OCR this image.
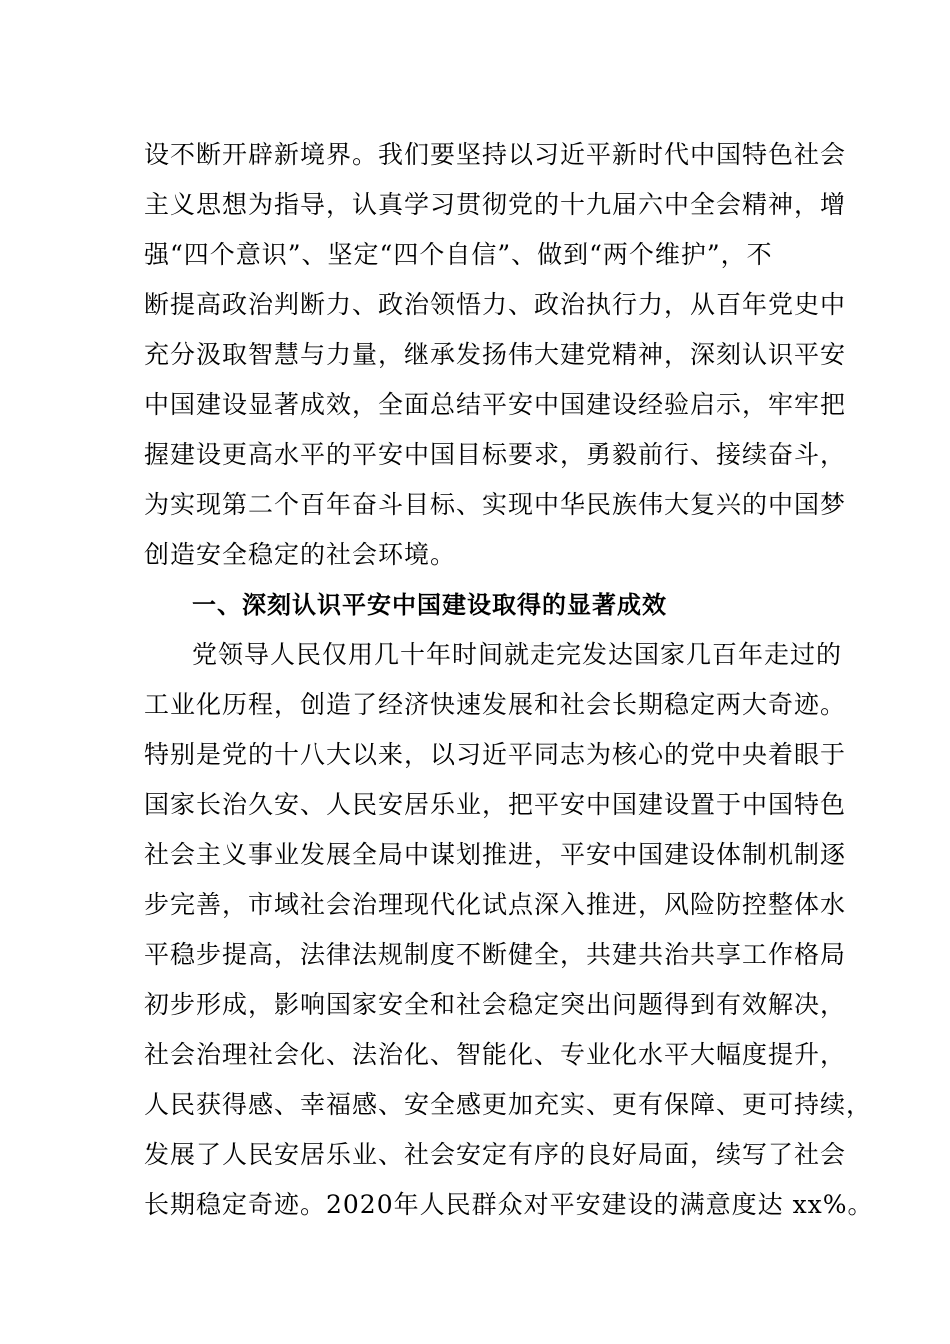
设不断开辟新境界。我们要坚持以习近平新时代中国特色社会
主义思想为指导，认真学习贯彻党的十九届六中全会精神，增
强“四个意识”、坚定“四个自信”、做到“两个维护”，不
断提高政治判断力、政治领悟力、政治执行力，从百年党史中
充分汲取智慧与力量，继承发扬伟大建党精神，深刻认识平安
中国建设显著成效，全面总结平安中国建设经验启示，牢牢把
握建设更高水平的平安中国目标要求，勇毅前行、接续奋斗，
为实现第二个百年奋斗目标、实现中华民族伟大复兴的中国梦
创造安全稳定的社会环境。
一、深刻认识平安中国建设取得的显著成效
党领导人民仅用几十年时间就走完发达国家几百年走过的
工业化历程，创造了经济快速发展和社会长期稳定两大奇迹。
特别是党的十八大以来，以习近平同志为核心的党中央着眼于
国家长治久安、人民安居乐业，把平安中国建设置于中国特色
社会主义事业发展全局中谋划推进，平安中国建设体制机制逐
步完善，市域社会治理现代化试点深入推进，风险防控整体水
平稳步提高，法律法规制度不断健全，共建共治共享工作格局
初步形成，影响国家安全和社会稳定突出问题得到有效解决，
社会治理社会化、法治化、智能化、专业化水平大幅度提升，
人民获得感、幸福感、安全感更加充实、更有保障、更可持续，
发展了人民安居乐业、社会安定有序的良好局面，续写了社会
长期稳定奇迹。2020年人民群众对平安建设的满意度达 xx%。
